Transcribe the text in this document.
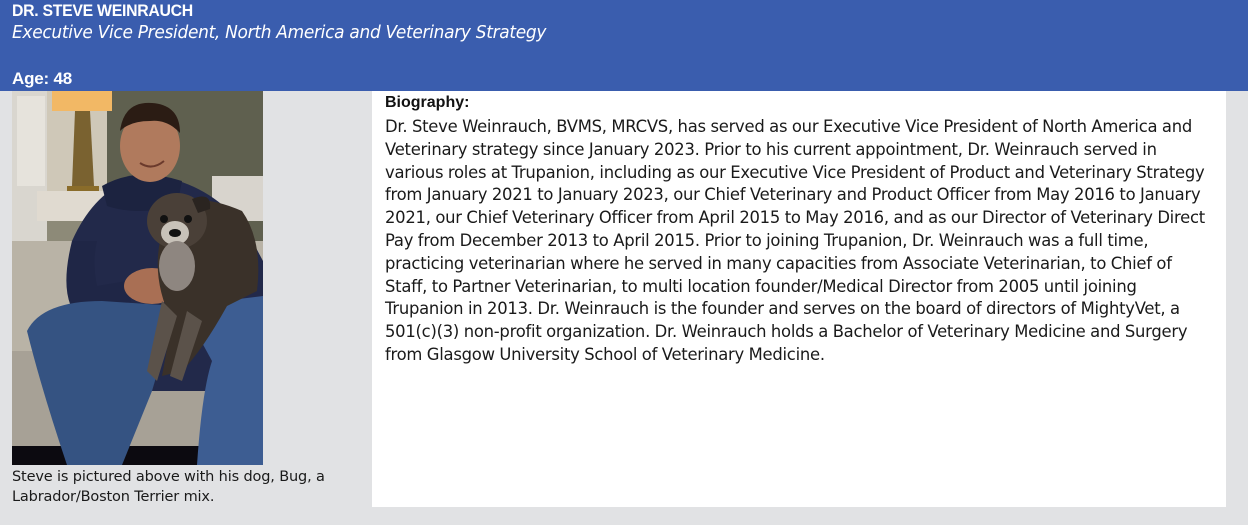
DR. STEVE WEINRAUCH
Executive Vice President, North America and Veterinary Strategy
Age: 48
Steve is pictured above with his dog, Bug, a Labrador/Boston Terrier mix.
Biography:
Dr. Steve Weinrauch, BVMS, MRCVS, has served as our Executive Vice President of North America and Veterinary strategy since January 2023. Prior to his current appointment, Dr. Weinrauch served in various roles at Trupanion, including as our Executive Vice President of Product and Veterinary Strategy from January 2021 to January 2023, our Chief Veterinary and Product Officer from May 2016 to January 2021, our Chief Veterinary Officer from April 2015 to May 2016, and as our Director of Veterinary Direct Pay from December 2013 to April 2015. Prior to joining Trupanion, Dr. Weinrauch was a full time, practicing veterinarian where he served in many capacities from Associate Veterinarian, to Chief of Staff, to Partner Veterinarian, to multi location founder/Medical Director from 2005 until joining Trupanion in 2013. Dr. Weinrauch is the founder and serves on the board of directors of MightyVet, a 501(c)(3) non-profit organization. Dr. Weinrauch holds a Bachelor of Veterinary Medicine and Surgery from Glasgow University School of Veterinary Medicine.
